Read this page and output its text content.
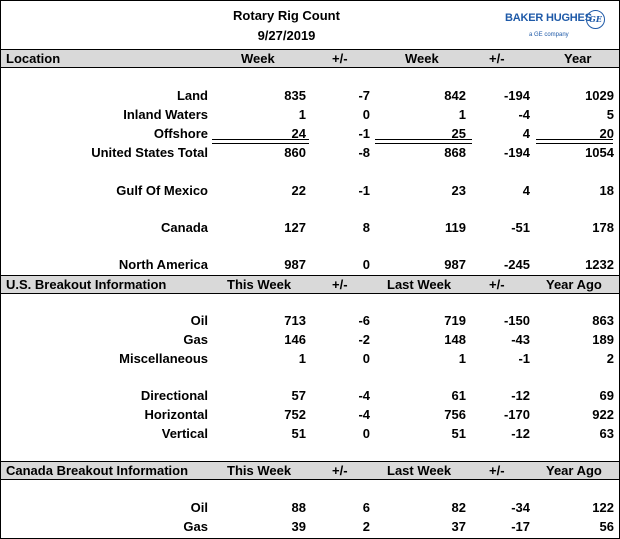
Rotary Rig Count
9/27/2019
BAKER HUGHES
a GE company
GE
Location	Week	+/-	Week	+/-	Year
Land	835	-7	842	-194	1029
Inland Waters	1	0	1	-4	5
Offshore	24	-1	25	4	20
United States Total	860	-8	868	-194	1054
Gulf Of Mexico	22	-1	23	4	18
Canada	127	8	119	-51	178
North America	987	0	987	-245	1232
U.S. Breakout Information	This Week	+/-	Last Week	+/-	Year Ago
Oil	713	-6	719	-150	863
Gas	146	-2	148	-43	189
Miscellaneous	1	0	1	-1	2
Directional	57	-4	61	-12	69
Horizontal	752	-4	756	-170	922
Vertical	51	0	51	-12	63
Canada Breakout Information	This Week	+/-	Last Week	+/-	Year Ago
Oil	88	6	82	-34	122
Gas	39	2	37	-17	56
